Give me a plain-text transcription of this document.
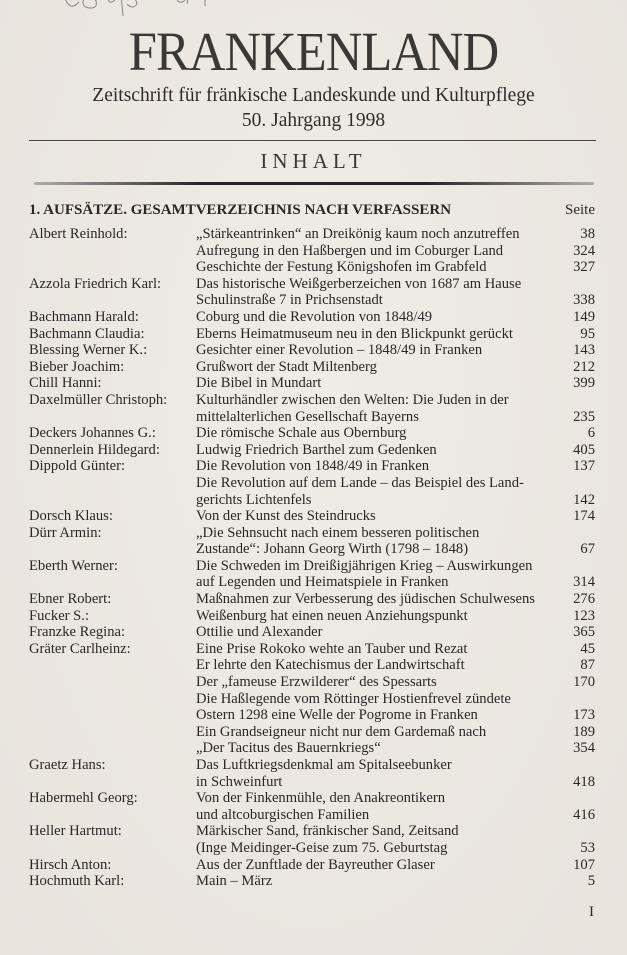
FRANKENLAND
Zeitschrift für fränkische Landeskunde und Kulturpflege
50. Jahrgang 1998
INHALT
1. AUFSÄTZE. GESAMTVERZEICHNIS NACH VERFASSERN	Seite
Albert Reinhold:	„Stärkeantrinken“ an Dreikönig kaum noch anzutreffen	38
Aufregung in den Haßbergen und im Coburger Land	324
Geschichte der Festung Königshofen im Grabfeld	327
Azzola Friedrich Karl: Das historische Weißgerberzeichen von 1687 am Hause
Schulinstraße 7 in Prichsenstadt	338
Bachmann Harald:	Coburg und die Revolution von 1848/49	149
Bachmann Claudia:	Eberns Heimatmuseum neu in den Blickpunkt gerückt	95
Blessing Werner K.:	Gesichter einer Revolution – 1848/49 in Franken	143
Bieber Joachim:	Grußwort der Stadt Miltenberg	212
Chill Hanni:	Die Bibel in Mundart	399
Daxelmüller Christoph: Kulturhändler zwischen den Welten: Die Juden in der
mittelalterlichen Gesellschaft Bayerns	235
Deckers Johannes G.:	Die römische Schale aus Obernburg	6
Dennerlein Hildegard: Ludwig Friedrich Barthel zum Gedenken	405
Dippold Günter:	Die Revolution von 1848/49 in Franken	137
Die Revolution auf dem Lande – das Beispiel des Land-
gerichts Lichtenfels	142
Dorsch Klaus:	Von der Kunst des Steindrucks	174
Dürr Armin:	„Die Sehnsucht nach einem besseren politischen
Zustande“: Johann Georg Wirth (1798 – 1848)	67
Eberth Werner:	Die Schweden im Dreißigjährigen Krieg – Auswirkungen
auf Legenden und Heimatspiele in Franken	314
Ebner Robert:	Maßnahmen zur Verbesserung des jüdischen Schulwesens	276
Fucker S.:	Weißenburg hat einen neuen Anziehungspunkt	123
Franzke Regina:	Ottilie und Alexander	365
Gräter Carlheinz:	Eine Prise Rokoko wehte an Tauber und Rezat	45
Er lehrte den Katechismus der Landwirtschaft	87
Der „fameuse Erzwilderer“ des Spessarts	170
Die Haßlegende vom Röttinger Hostienfrevel zündete
Ostern 1298 eine Welle der Pogrome in Franken	173
Ein Grandseigneur nicht nur dem Gardemaß nach	189
„Der Tacitus des Bauernkriegs“	354
Graetz Hans:	Das Luftkriegsdenkmal am Spitalseebunker
in Schweinfurt	418
Habermehl Georg:	Von der Finkenmühle, den Anakreontikern
und altcoburgischen Familien	416
Heller Hartmut:	Märkischer Sand, fränkischer Sand, Zeitsand
(Inge Meidinger-Geise zum 75. Geburtstag	53
Hirsch Anton:	Aus der Zunftlade der Bayreuther Glaser	107
Hochmuth Karl:	Main – März	5
I
